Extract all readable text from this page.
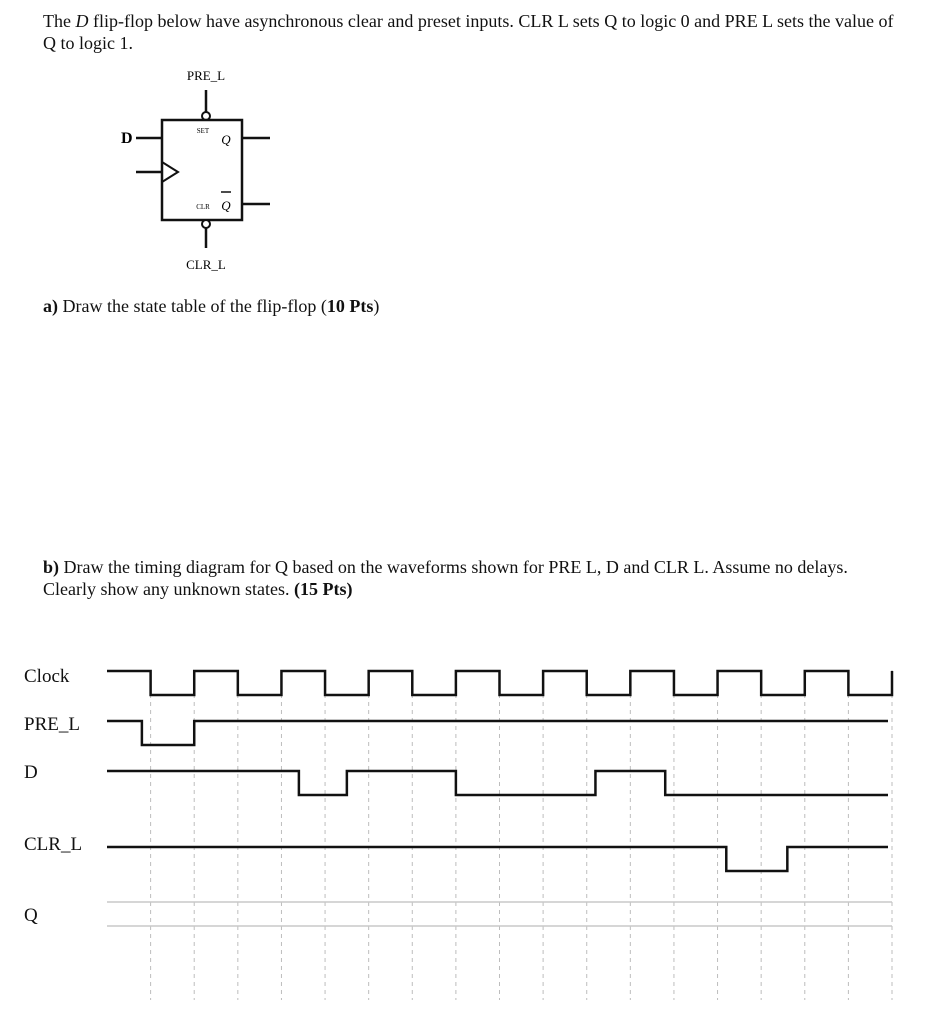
The D flip-flop below have asynchronous clear and preset inputs. CLR L sets Q to logic 0 and PRE L sets the value of Q to logic 1.
PRE_L
SET
CLR
D	Q
Q
CLR_L
a) Draw the state table of the flip-flop (10 Pts)
b) Draw the timing diagram for Q based on the waveforms shown for PRE L, D and CLR L. Assume no delays. Clearly show any unknown states. (15 Pts)
Clock
PRE_L
D
CLR_L
Q
